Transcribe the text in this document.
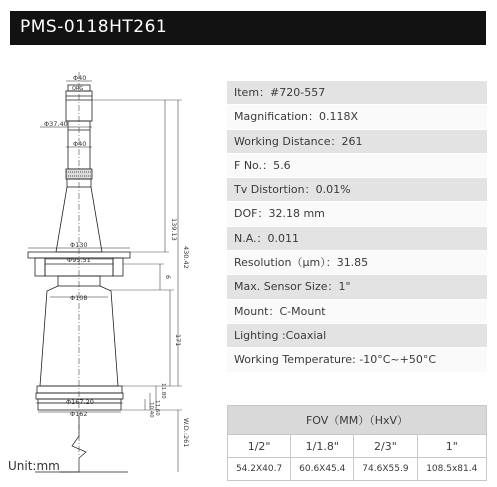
PMS-0118HT261
Φ40
ORG
Φ37.40
Φ40
Φ130
Φ95.51
Φ108
Φ167.20
Φ162
139.13
430.42
6
171
11.80
11.60
10.40
W.D.:261
Unit:mm
Item：#720-557
Magnification：0.118X
Working Distance：261
F No.：5.6
Tv Distortion：0.01%
DOF：32.18 mm
N.A.：0.011
Resolution（μm）：31.85
Max. Sensor Size：1"
Mount：C-Mount
Lighting :Coaxial
Working Temperature: -10°C~+50°C
FOV（MM）（HxV）			
1/2"	1/1.8"	2/3"	1"
54.2X40.7	60.6X45.4	74.6X55.9	108.5x81.4
